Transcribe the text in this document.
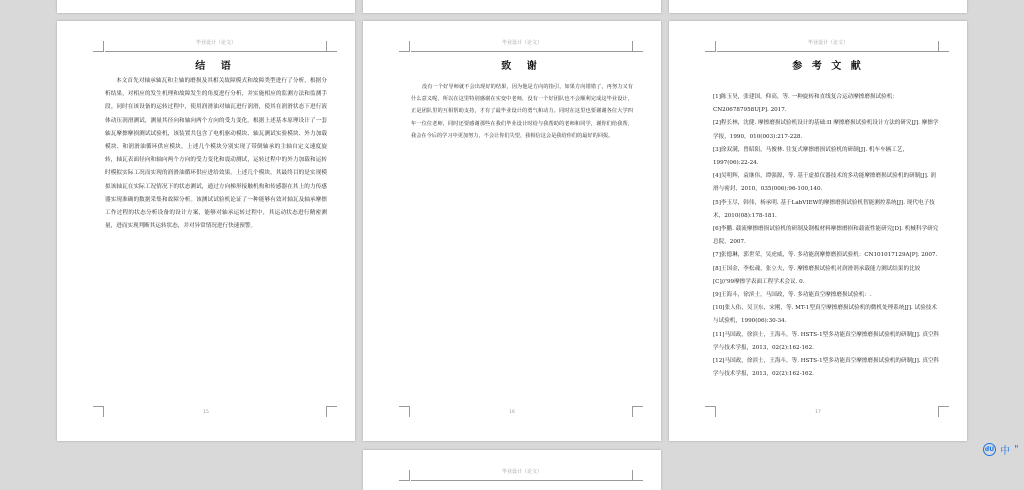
毕业设计（论文）
结 语

本文首先对轴承轴瓦和主轴的磨损及其相关故障模式和故障类型进行了分析，根据分析结果，对相应的发生机理和故障发生的角度进行分析，并实施相应的监测方法和监测手段。同时在该设备的运转过程中，使用润滑油对轴瓦进行润滑，使其在润滑状态下进行液体动压润滑测试，测量其径向和轴向两个方向的受力变化。根据上述基本原理设计了一套轴瓦摩擦摩损测试试验机，该装置共包含了电机驱动模块、轴瓦测试实验模块、外力加载模块、和润滑油循环供应模块。上述几个模块分别实现了带倒轴承的主轴自定义速度旋转，轴瓦表面径向和轴向两个方向的受力变化和震动测试，运转过程中的外力加载和运转时模拟实际工况而实现的润滑油循环供应进给效果。上述几个模块，其最终目的是实现模拟该轴瓦在实际工况情况下的状态测试，通过方向梯形接触机构和传感器在其上的力传感器实现准确的数据采集和故障分析。该测试试验机论证了一种能够有效对轴瓦及轴承摩擦工作过程的状态分析设备的设计方案，能够对轴承运转过程中，其运动状态进行精密测量，进而实现判断其运转状态，并对异常情况进行快速预警。

15
毕业设计（论文）
致 谢

没有一个好导师就不会出现好的结果，因为他是方向的指引，如果方向错错了，再努力又有什么意义呢，所以在这里特别感谢在实变中老师，没有一个好团队也不会顺利完成这毕业设计，正是团队里的互相帮助支持，才有了最毕业设计的勇气和动力。同时在这里也要谢谢各位大学四年一位位老师，同时还要感谢那些在我们毕业设计时给与我帮助的老师和同学，谢你们给我帮，我会在今后的学习中更加努力，不会让你们失望，我相信这会是我给你们的最好的回报。

16
毕业设计（论文）
参 考 文 献
[1]陈玉昊，张建国，仰高，等. 一种旋转和直线复合运动摩擦磨损试验机：CN206787958U[P]. 2017.
[2]程长林，沈健. 摩擦磨损试验机设计的基础:II 摩擦磨损试验机设计方法的研究[J]. 摩擦学学报，1990，010(003):217-228.
[3]徐双满，曾昭阳，马俊林. 往复式摩擦磨损试验机的研制[J]. 机车车辆工艺，1997(06):22-24.
[4]吴明辉，袁继伟，谭强源，等. 基于虚拟仪器技术的多功能摩擦磨损试验机的研制[J]. 润滑与密封，2010，035(006):96-100,140.
[5]李玉尽，韩伟，杨承明. 基于LabVIEW的摩擦磨损试验机智能测控系统[J]. 现代电子技术，2010(08):178-181.
[6]李鹏. 载流摩擦磨损试验机的研制及钢板材料摩擦磨损和载流性能研究[D]. 机械科学研究总院，2007.
[7]张德琳，郭世荣，吴虎威，等. 多功能润摩擦磨损试验机：CN101017129A[P]. 2007.
[8]王国金，李松魂，张立夫，等. 摩擦磨损试验机对润滑剂承载能力测试结果的比较[C]//'99摩擦学表面工程学术会议. 0.
[9]王海斗，徐滨士，马国政，等. 多功能真空摩擦磨损试验机：.
[10]张人佑，吴卫东，宋刚，等. MT-1型真空摩擦磨损试验机的微机处理系统[J]. 试验技术与试验机，1990(06):30-34.
[11]马国政，徐滨士，王海斗，等. HSTS-1型多功能真空摩擦磨损试验机的研制[J]. 真空科学与技术学报，2013，02(2):162-162.
[12]马国政，徐滨士，王海斗，等. HSTS-1型多功能真空摩擦磨损试验机的研制[J]. 真空科学与技术学报，2013，02(2):162-162.
17
毕业设计（论文）
dU 中 "
